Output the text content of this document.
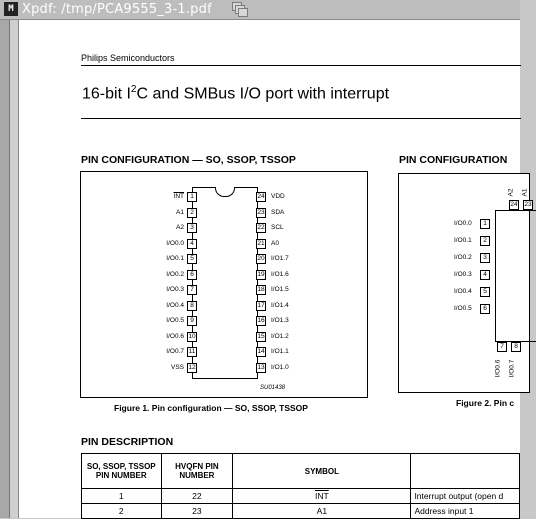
M Xpdf: /tmp/PCA9555_3-1.pdf
Philips Semiconductors
16-bit $I^2C$ and SMBus I/O port with interrupt
PIN CONFIGURATION — SO, SSOP, TSSOP	PIN CONFIGURATION
1
$\overline{INT}$
2
A1
3
A2
4
I/O0.0
5
I/O0.1
6
I/O0.2
7
I/O0.3
8
I/O0.4
9
I/O0.5
10
I/O0.6
11
I/O0.7
12
VSS
24 VDD
23 SDA
22 SCL
21 A0
20 I/O1.7
19 I/O1.6
18 I/O1.5
17 I/O1.4
16 I/O1.3
15 I/O1.2
14 I/O1.1
13 I/O1.0
SU01438
Figure 1. Pin configuration — SO, SSOP, TSSOP
1
I/O0.0
2
I/O0.1
3
I/O0.2
4
I/O0.3
5
I/O0.4
6
I/O0.5
24
A2
23
A1
7
I/O0.6
8
I/O0.7
Figure 2. Pin c
PIN DESCRIPTION
SO, SSOP, TSSOP PIN NUMBER	HVQFN PIN NUMBER	SYMBOL	
1	22	$\overline{INT}$	Interrupt output (open d
2	23	A1	Address input 1
